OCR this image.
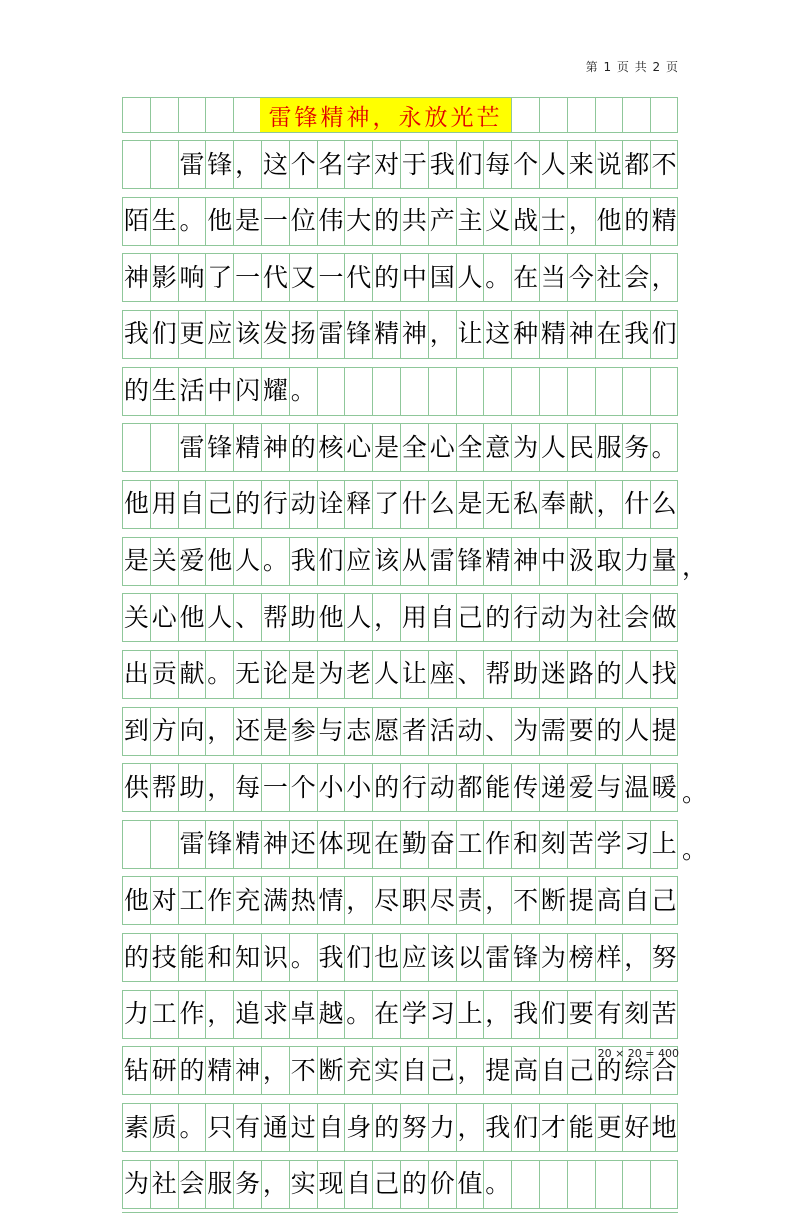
第 1 页 共 2 页
雷 锋 ， 这 个 名 字 对 于 我 们 每 个 人 来 说 都 不
陌 生 。 他 是 一 位 伟 大 的 共 产 主 义 战 士 ， 他 的 精
神 影 响 了 一 代 又 一 代 的 中 国 人 。 在 当 今 社 会 ，
我 们 更 应 该 发 扬 雷 锋 精 神 ， 让 这 种 精 神 在 我 们
的 生 活 中 闪 耀 。
雷 锋 精 神 的 核 心 是 全 心 全 意 为 人 民 服 务 。
他 用 自 己 的 行 动 诠 释 了 什 么 是 无 私 奉 献 ， 什 么
是 关 爱 他 人 。 我 们 应 该 从 雷 锋 精 神 中 汲 取 力 量
关 心 他 人 、 帮 助 他 人 ， 用 自 己 的 行 动 为 社 会 做
出 贡 献 。 无 论 是 为 老 人 让 座 、 帮 助 迷 路 的 人 找
到 方 向 ， 还 是 参 与 志 愿 者 活 动 、 为 需 要 的 人 提
供 帮 助 ， 每 一 个 小 小 的 行 动 都 能 传 递 爱 与 温 暖
雷 锋 精 神 还 体 现 在 勤 奋 工 作 和 刻 苦 学 习 上
他 对 工 作 充 满 热 情 ， 尽 职 尽 责 ， 不 断 提 高 自 己
的 技 能 和 知 识 。 我 们 也 应 该 以 雷 锋 为 榜 样 ， 努
力 工 作 ， 追 求 卓 越 。 在 学 习 上 ， 我 们 要 有 刻 苦
钻 研 的 精 神 ， 不 断 充 实 自 己 ， 提 高 自 己 的 综 合
素 质 。 只 有 通 过 自 身 的 努 力 ， 我 们 才 能 更 好 地
为 社 会 服 务 ， 实 现 自 己 的 价 值 。
，
。
。
雷锋精神，永放光芒
20 × 20 = 400
